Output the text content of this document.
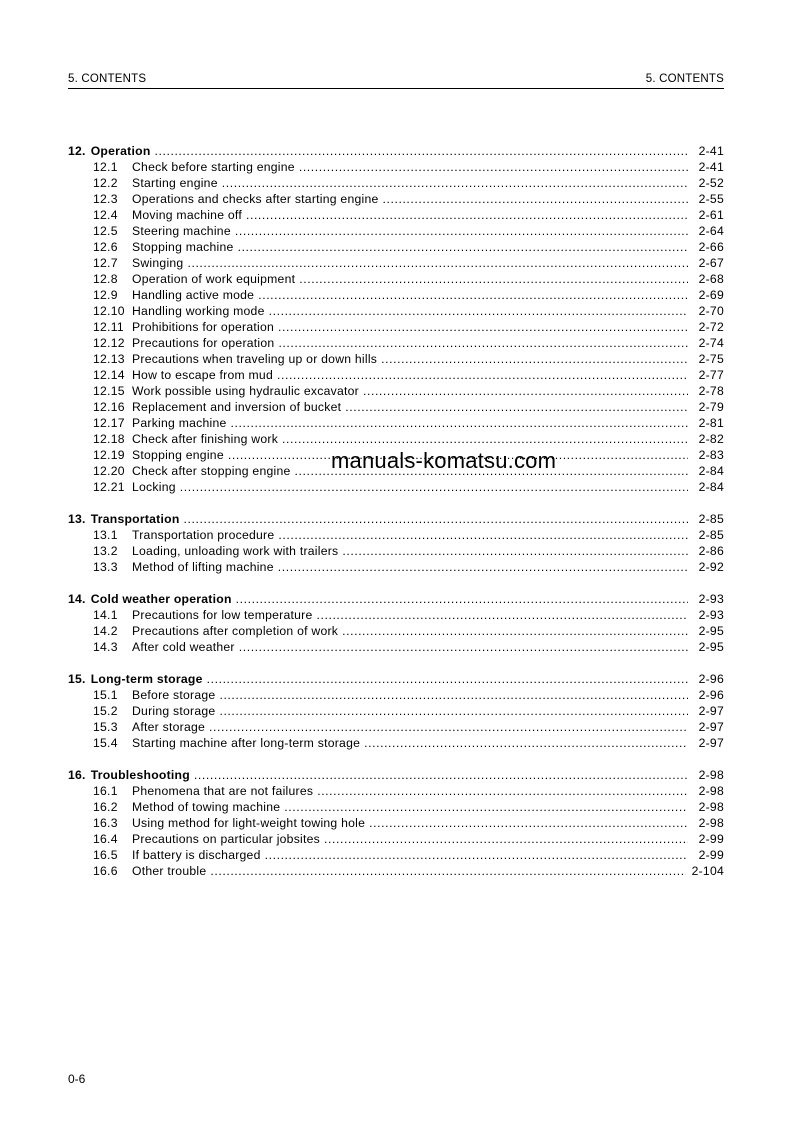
5. CONTENTS	5. CONTENTS
12. Operation .....	2-41
12.1	Check before starting engine .....	2-41
12.2	Starting engine .....	2-52
12.3	Operations and checks after starting engine .....	2-55
12.4	Moving machine off .....	2-61
12.5	Steering machine .....	2-64
12.6	Stopping machine .....	2-66
12.7	Swinging .....	2-67
12.8	Operation of work equipment .....	2-68
12.9	Handling active mode .....	2-69
12.10 Handling working mode .....	2-70
12.11 Prohibitions for operation .....	2-72
12.12 Precautions for operation .....	2-74
12.13 Precautions when traveling up or down hills .....	2-75
12.14 How to escape from mud .....	2-77
12.15 Work possible using hydraulic excavator .....	2-78
12.16 Replacement and inversion of bucket .....	2-79
12.17 Parking machine .....	2-81
12.18 Check after finishing work .....	2-82
12.19 Stopping engine .....	2-83
12.20 Check after stopping engine .....	2-84
12.21 Locking .....	2-84
13. Transportation .....	2-85
13.1	Transportation procedure .....	2-85
13.2	Loading, unloading work with trailers .....	2-86
13.3	Method of lifting machine .....	2-92
14. Cold weather operation .....	2-93
14.1	Precautions for low temperature .....	2-93
14.2	Precautions after completion of work .....	2-95
14.3	After cold weather .....	2-95
15. Long-term storage .....	2-96
15.1	Before storage .....	2-96
15.2	During storage .....	2-97
15.3	After storage .....	2-97
15.4	Starting machine after long-term storage .....	2-97
16. Troubleshooting .....	2-98
16.1	Phenomena that are not failures .....	2-98
16.2	Method of towing machine .....	2-98
16.3	Using method for light-weight towing hole .....	2-98
16.4	Precautions on particular jobsites .....	2-99
16.5	If battery is discharged .....	2-99
16.6	Other trouble .....	2-104
manuals-komatsu.com
0-6
